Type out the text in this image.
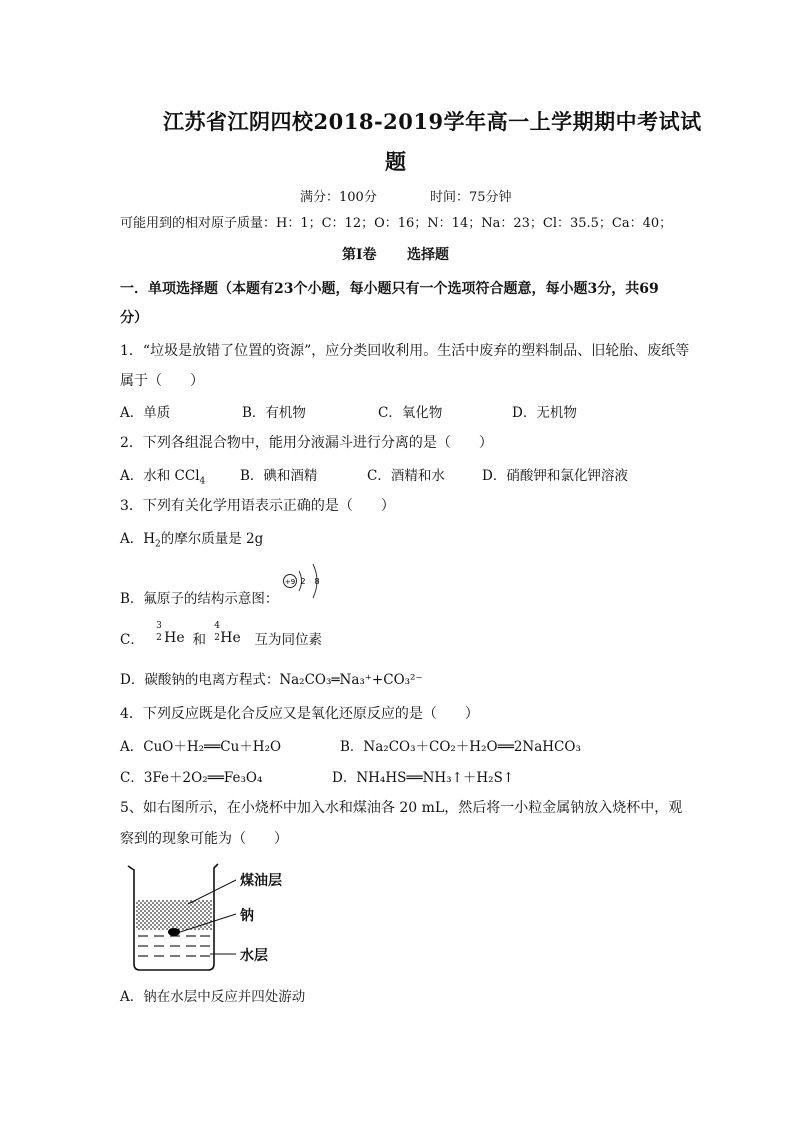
江苏省江阴四校2018-2019学年高一上学期期中考试试
题
满分：100分	时间：75分钟
可能用到的相对原子质量：H：1；C：12；O：16；N：14；Na：23；Cl：35.5；Ca：40；
第Ⅰ卷 选择题
一．单项选择题（本题有23个小题，每小题只有一个选项符合题意，每小题3分，共69
分）
1．“垃圾是放错了位置的资源”，应分类回收利用。生活中废弃的塑料制品、旧轮胎、废纸等
属于（　　）
A．单质	B．有机物	C．氧化物	D．无机物
2．下列各组混合物中，能用分液漏斗进行分离的是（　　）
A．水和 CCl$_4$	B．碘和酒精	C．酒精和水	D．硝酸钾和氯化钾溶液
3．下列有关化学用语表示正确的是（　　）
A．$H_2$的摩尔质量是 2g
B．氟原子的结构示意图：
+9 2 8
C．
3
2 He 和
4
2 He 互为同位素
D．碳酸钠的电离方程式：Na₂CO₃═Na₃⁺+CO₃²⁻
4．下列反应既是化合反应又是氧化还原反应的是（　　）
A．CuO＋H₂══Cu＋H₂O	B．Na₂CO₃＋CO₂＋H₂O══2NaHCO₃
C．3Fe＋2O₂══Fe₃O₄	D．NH₄HS══NH₃↑＋H₂S↑
5、如右图所示，在小烧杯中加入水和煤油各 20 mL，然后将一小粒金属钠放入烧杯中，观
察到的现象可能为（　　）
煤油层
钠
水层
A．钠在水层中反应并四处游动
